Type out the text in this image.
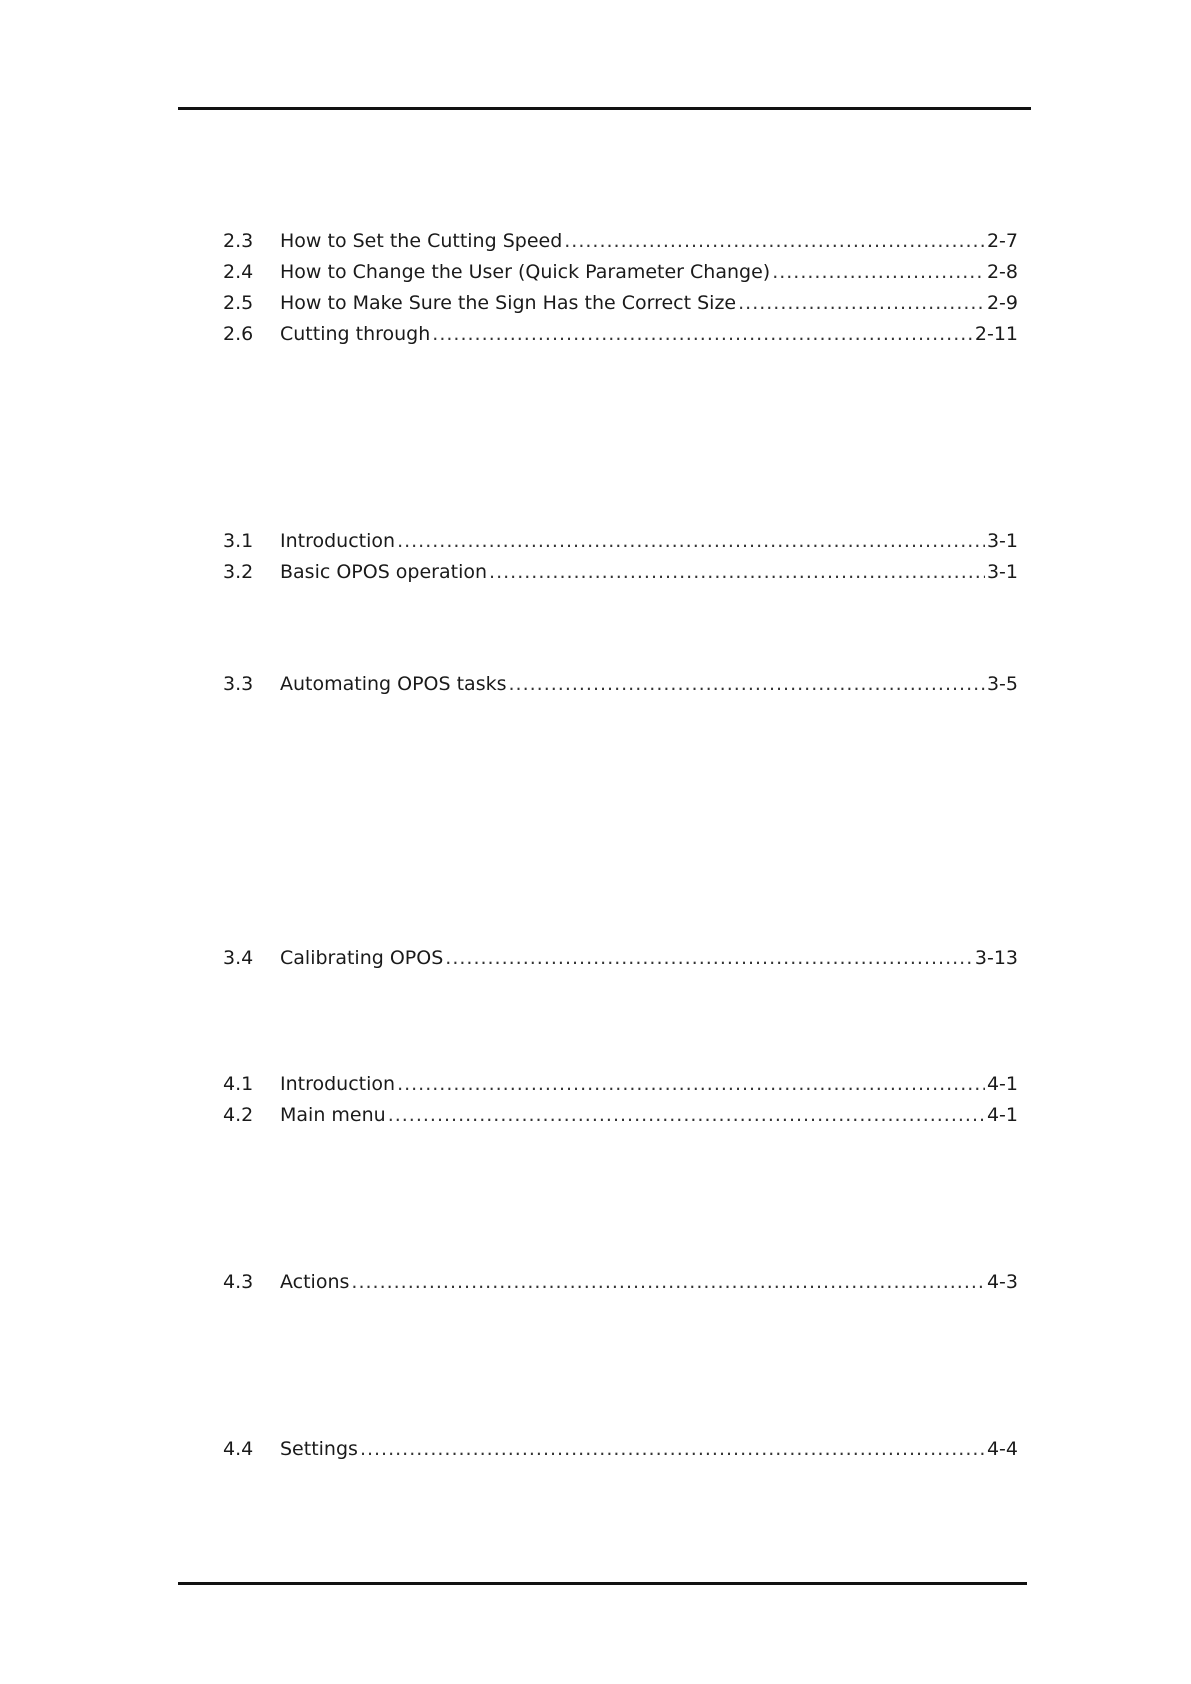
2.3	How to Set the Cutting Speed .....	2-7
2.4	How to Change the User (Quick Parameter Change) .....	2-8
2.5	How to Make Sure the Sign Has the Correct Size .....	2-9
2.6	Cutting through .....	2-11
3.1	Introduction .....	3-1
3.2	Basic OPOS operation .....	3-1
3.3	Automating OPOS tasks .....	3-5
3.4	Calibrating OPOS .....	3-13
4.1	Introduction .....	4-1
4.2	Main menu .....	4-1
4.3	Actions .....	4-3
4.4	Settings .....	4-4
